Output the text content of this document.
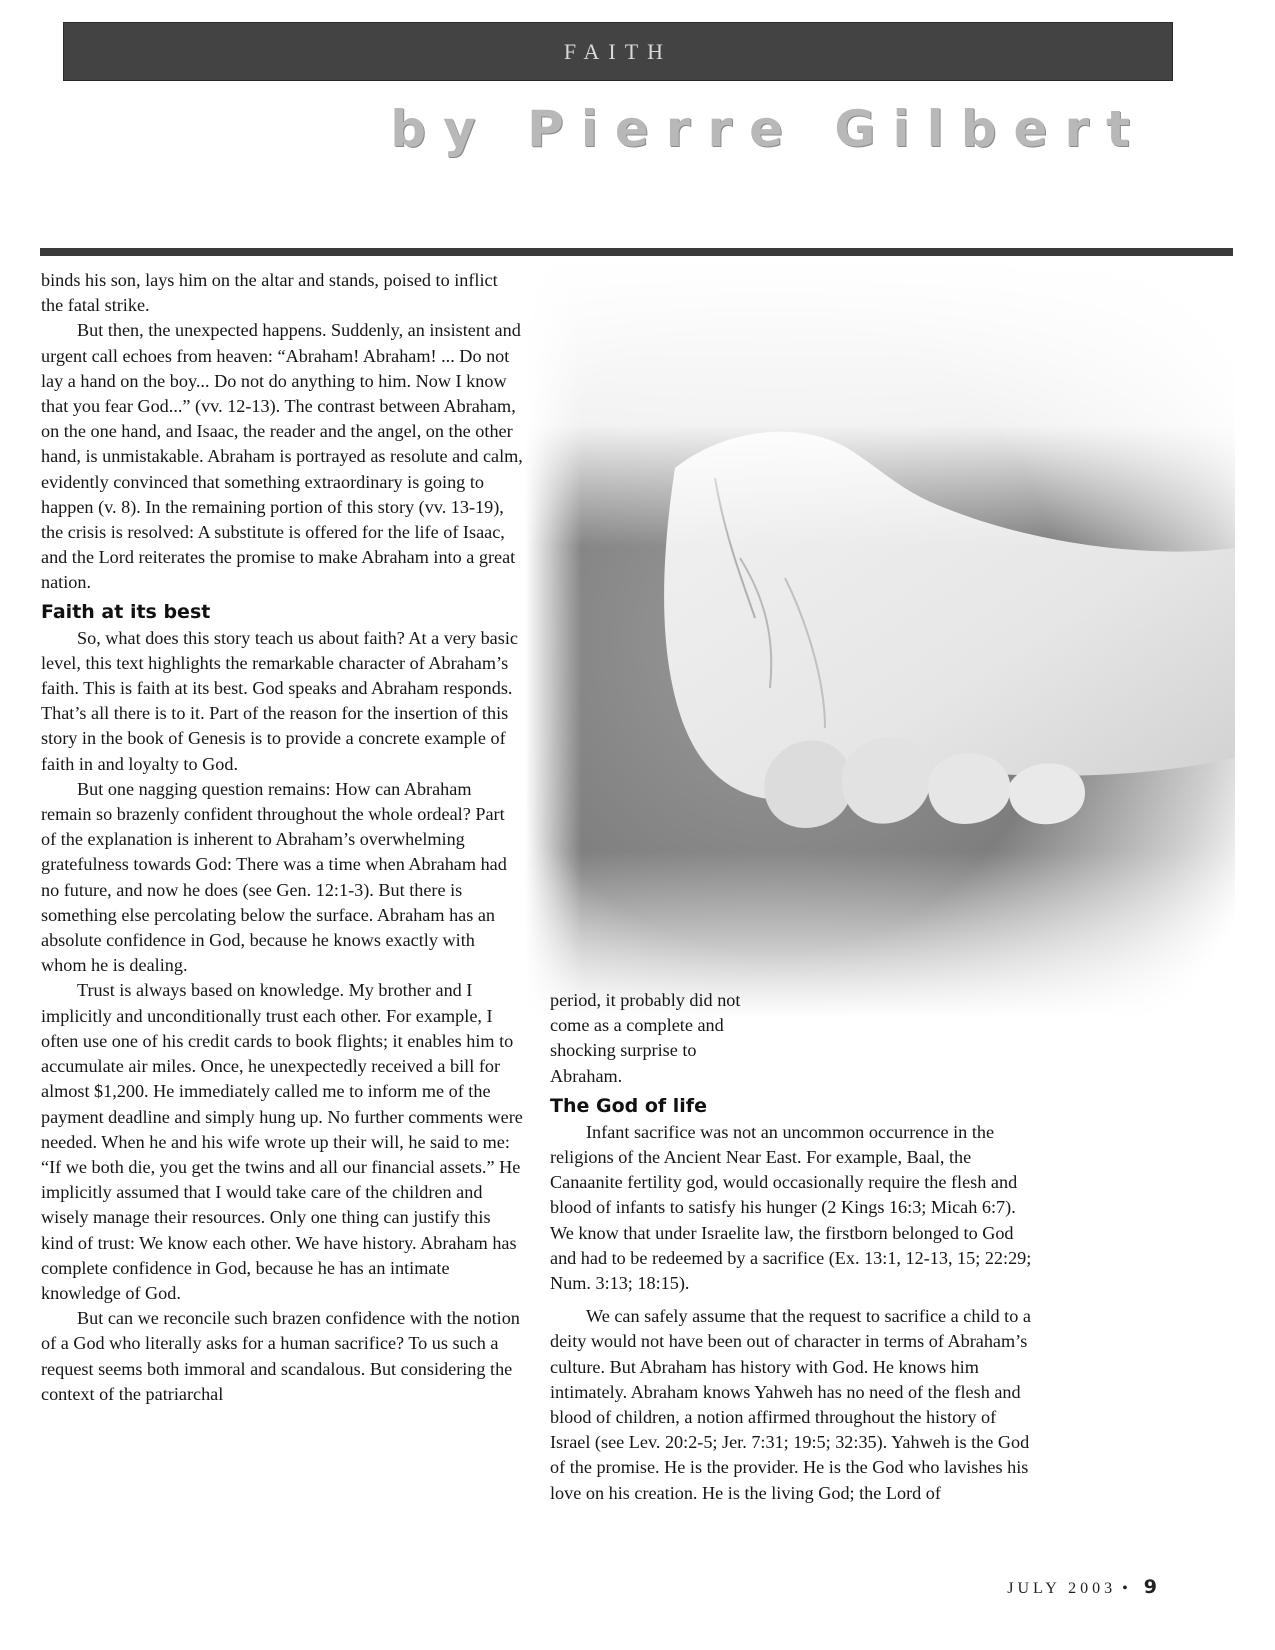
FAITH
by Pierre Gilbert

binds his son, lays him on the altar and stands, poised to inflict the fatal strike.

But then, the unexpected happens. Suddenly, an insistent and urgent call echoes from heaven: “Abraham! Abraham! ... Do not lay a hand on the boy... Do not do anything to him. Now I know that you fear God...” (vv. 12-13). The contrast between Abraham, on the one hand, and Isaac, the reader and the angel, on the other hand, is unmistakable. Abraham is portrayed as resolute and calm, evidently convinced that something extraordinary is going to happen (v. 8). In the remaining portion of this story (vv. 13-19), the crisis is resolved: A substitute is offered for the life of Isaac, and the Lord reiterates the promise to make Abraham into a great nation.

Faith at its best

So, what does this story teach us about faith? At a very basic level, this text highlights the remarkable character of Abraham’s faith. This is faith at its best. God speaks and Abraham responds. That’s all there is to it. Part of the reason for the insertion of this story in the book of Genesis is to provide a concrete example of faith in and loyalty to God.

But one nagging question remains: How can Abraham remain so brazenly confident throughout the whole ordeal? Part of the explanation is inherent to Abraham’s overwhelming gratefulness towards God: There was a time when Abraham had no future, and now he does (see Gen. 12:1-3). But there is something else percolating below the surface. Abraham has an absolute confidence in God, because he knows exactly with whom he is dealing.

Trust is always based on knowledge. My brother and I implicitly and unconditionally trust each other. For example, I often use one of his credit cards to book flights; it enables him to accumulate air miles. Once, he unexpectedly received a bill for almost $1,200. He immediately called me to inform me of the payment deadline and simply hung up. No further comments were needed. When he and his wife wrote up their will, he said to me: “If we both die, you get the twins and all our financial assets.” He implicitly assumed that I would take care of the children and wisely manage their resources. Only one thing can justify this kind of trust: We know each other. We have history. Abraham has complete confidence in God, because he has an intimate knowledge of God.

But can we reconcile such brazen confidence with the notion of a God who literally asks for a human sacrifice? To us such a request seems both immoral and scandalous. But considering the context of the patriarchal

period, it probably did not come as a complete and shocking surprise to Abraham.

The God of life

Infant sacrifice was not an uncommon occurrence in the religions of the Ancient Near East. For example, Baal, the Canaanite fertility god, would occasionally require the flesh and blood of infants to satisfy his hunger (2 Kings 16:3; Micah 6:7). We know that under Israelite law, the firstborn belonged to God and had to be redeemed by a sacrifice (Ex. 13:1, 12-13, 15; 22:29; Num. 3:13; 18:15).

We can safely assume that the request to sacrifice a child to a deity would not have been out of character in terms of Abraham’s culture. But Abraham has history with God. He knows him intimately. Abraham knows Yahweh has no need of the flesh and blood of children, a notion affirmed throughout the history of Israel (see Lev. 20:2-5; Jer. 7:31; 19:5; 32:35). Yahweh is the God of the promise. He is the provider. He is the God who lavishes his love on his creation. He is the living God; the Lord of

JULY 2003 • 9
